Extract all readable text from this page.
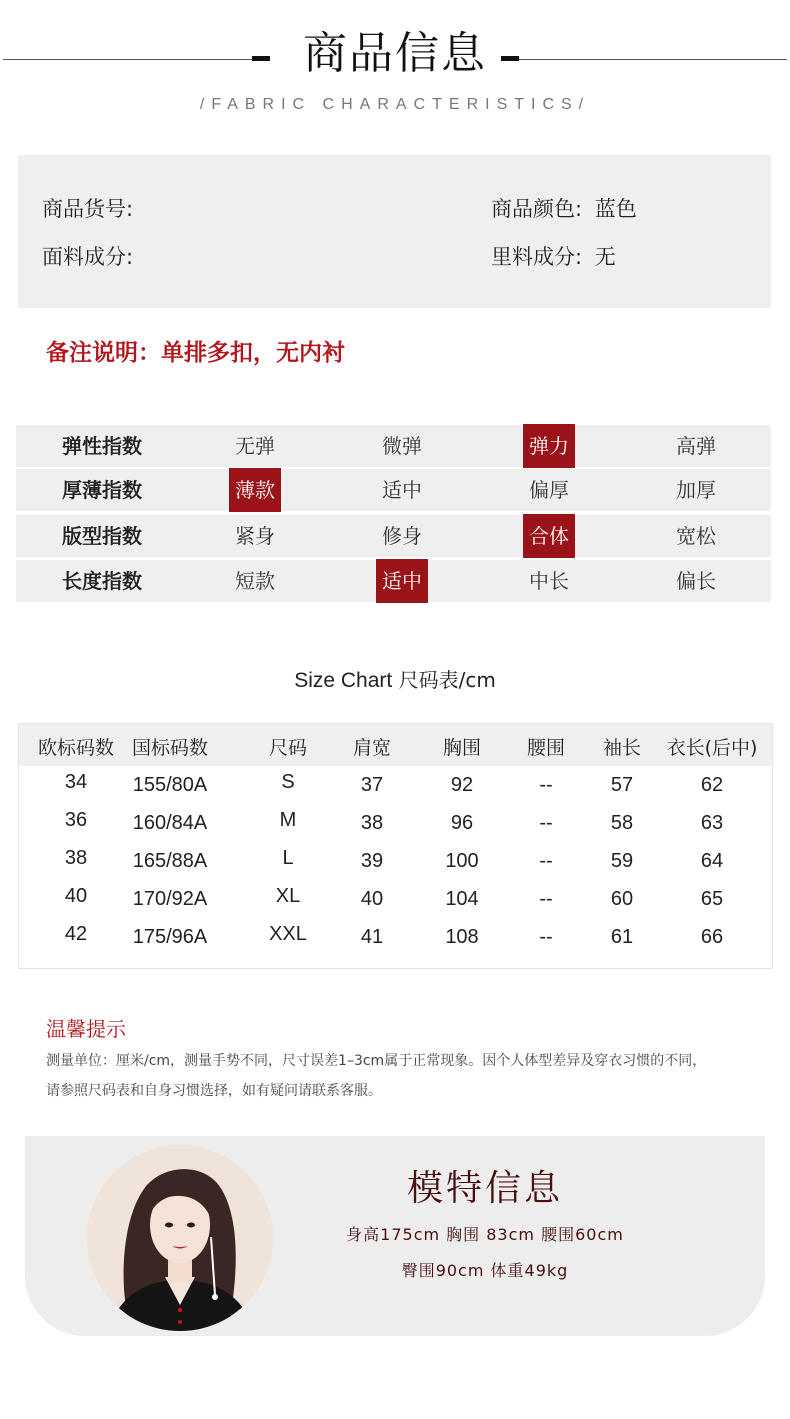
商品信息
/FABRIC CHARACTERISTICS/
商品货号:	商品颜色: 蓝色
面料成分:	里料成分: 无
备注说明：单排多扣，无内衬
弹性指数	无弹	微弹	弹力	高弹
厚薄指数	薄款	适中	偏厚	加厚
版型指数	紧身	修身	合体	宽松
长度指数	短款	适中	中长	偏长
Size Chart 尺码表/cm
欧标码数 国标码数	尺码	肩宽	胸围	腰围	袖长	衣长(后中)
34	155/80A	S	37	92	--	57	62
36	160/84A	M	38	96	--	58	63
38	165/88A	L	39	100	--	59	64
40	170/92A	XL	40	104	--	60	65
42	175/96A	XXL	41	108	--	61	66
温馨提示
测量单位：厘米/cm，测量手势不同，尺寸误差1–3cm属于正常现象。因个人体型差异及穿衣习惯的不同，
请参照尺码表和自身习惯选择，如有疑问请联系客服。
模特信息
身高175cm 胸围 83cm 腰围60cm
臀围90cm 体重49kg
